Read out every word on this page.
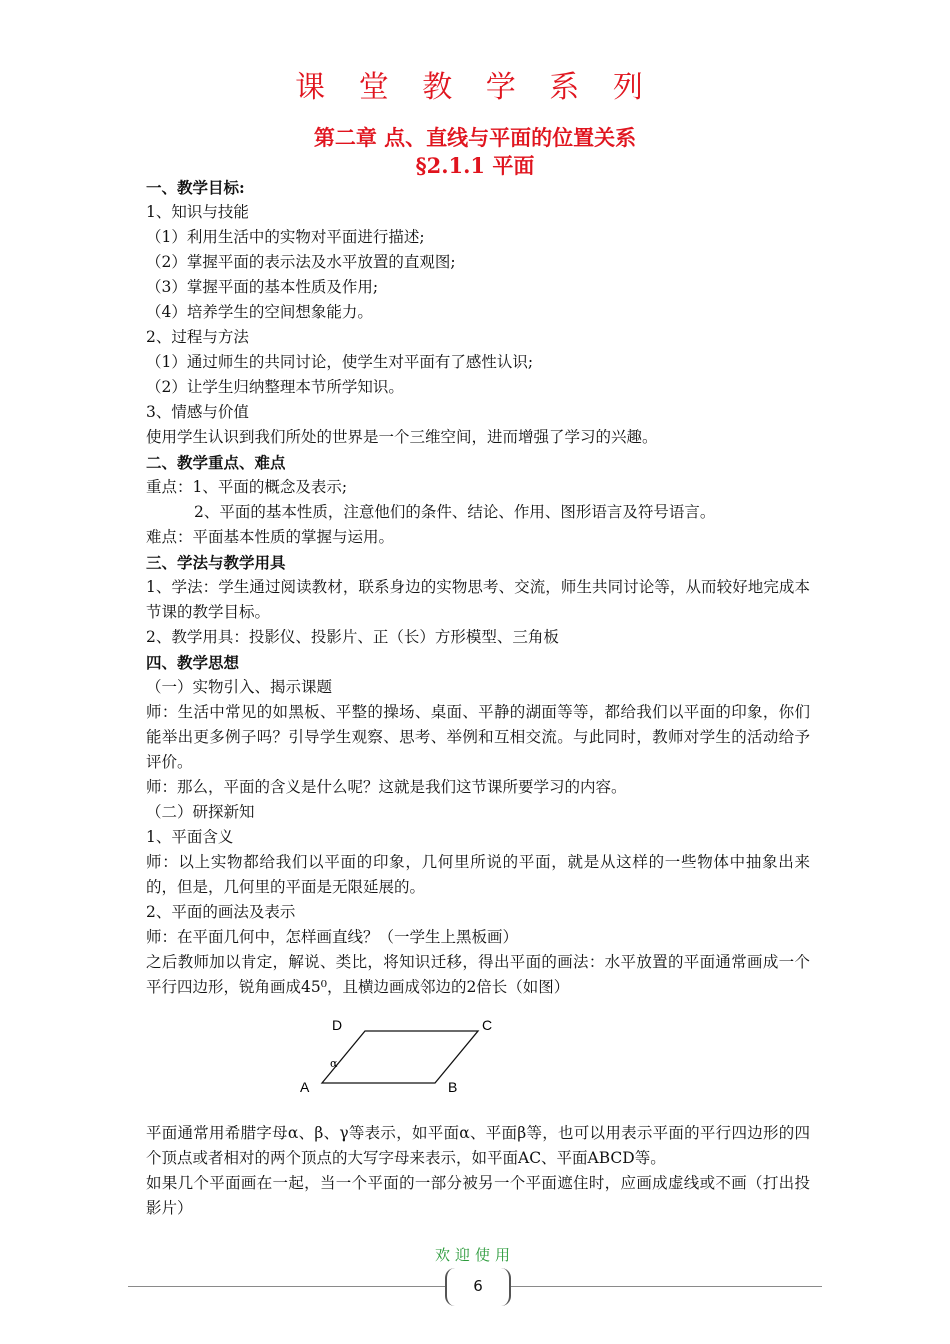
课 堂 教 学 系 列
第二章 点、直线与平面的位置关系
§2.1.1 平面

一、教学目标:

1、知识与技能

（1）利用生活中的实物对平面进行描述;

（2）掌握平面的表示法及水平放置的直观图;

（3）掌握平面的基本性质及作用;

（4）培养学生的空间想象能力。

2、过程与方法

（1）通过师生的共同讨论，使学生对平面有了感性认识;

（2）让学生归纳整理本节所学知识。

3、情感与价值

使用学生认识到我们所处的世界是一个三维空间，进而增强了学习的兴趣。

二、教学重点、难点

重点：1、平面的概念及表示;

2、平面的基本性质，注意他们的条件、结论、作用、图形语言及符号语言。

难点：平面基本性质的掌握与运用。

三、学法与教学用具

1、学法：学生通过阅读教材，联系身边的实物思考、交流，师生共同讨论等，从而较好地完成本节课的教学目标。

2、教学用具：投影仪、投影片、正（长）方形模型、三角板

四、教学思想

（一）实物引入、揭示课题

师：生活中常见的如黑板、平整的操场、桌面、平静的湖面等等，都给我们以平面的印象，你们能举出更多例子吗？引导学生观察、思考、举例和互相交流。与此同时，教师对学生的活动给予评价。

师：那么，平面的含义是什么呢？这就是我们这节课所要学习的内容。

（二）研探新知

1、平面含义

师：以上实物都给我们以平面的印象，几何里所说的平面，就是从这样的一些物体中抽象出来的，但是，几何里的平面是无限延展的。

2、平面的画法及表示

师：在平面几何中，怎样画直线？（一学生上黑板画）

之后教师加以肯定，解说、类比，将知识迁移，得出平面的画法：水平放置的平面通常画成一个平行四边形，锐角画成45⁰，且横边画成邻边的2倍长（如图）

D	C
A	B
α

平面通常用希腊字母α、β、γ等表示，如平面α、平面β等，也可以用表示平面的平行四边形的四个顶点或者相对的两个顶点的大写字母来表示，如平面AC、平面ABCD等。

如果几个平面画在一起，当一个平面的一部分被另一个平面遮住时，应画成虚线或不画（打出投影片）

欢迎使用
6
